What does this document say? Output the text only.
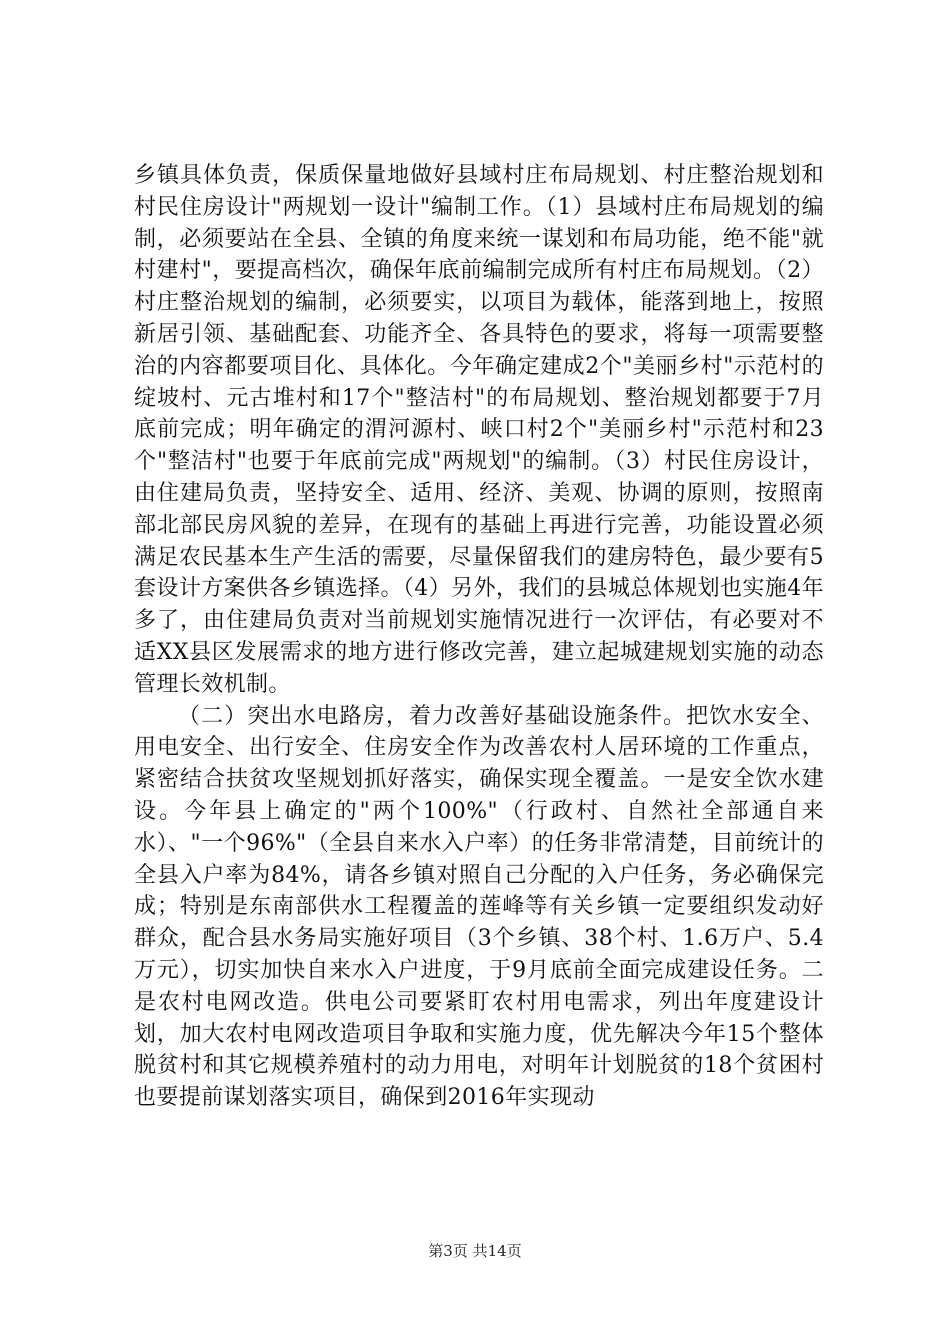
乡镇具体负责，保质保量地做好县域村庄布局规划、村庄整治规划和村民住房设计"两规划一设计"编制工作。（1）县域村庄布局规划的编制，必须要站在全县、全镇的角度来统一谋划和布局功能，绝不能"就村建村"，要提高档次，确保年底前编制完成所有村庄布局规划。（2）村庄整治规划的编制，必须要实，以项目为载体，能落到地上，按照新居引领、基础配套、功能齐全、各具特色的要求，将每一项需要整治的内容都要项目化、具体化。今年确定建成2个"美丽乡村"示范村的绽坡村、元古堆村和17个"整洁村"的布局规划、整治规划都要于7月底前完成；明年确定的渭河源村、峡口村2个"美丽乡村"示范村和23个"整洁村"也要于年底前完成"两规划"的编制。（3）村民住房设计，由住建局负责，坚持安全、适用、经济、美观、协调的原则，按照南部北部民房风貌的差异，在现有的基础上再进行完善，功能设置必须满足农民基本生产生活的需要，尽量保留我们的建房特色，最少要有5套设计方案供各乡镇选择。（4）另外，我们的县城总体规划也实施4年多了，由住建局负责对当前规划实施情况进行一次评估，有必要对不适XX县区发展需求的地方进行修改完善，建立起城建规划实施的动态管理长效机制。

（二）突出水电路房，着力改善好基础设施条件。把饮水安全、用电安全、出行安全、住房安全作为改善农村人居环境的工作重点，紧密结合扶贫攻坚规划抓好落实，确保实现全覆盖。一是安全饮水建设。今年县上确定的"两个100%"（行政村、自然社全部通自来水）、"一个96%"（全县自来水入户率）的任务非常清楚，目前统计的全县入户率为84%，请各乡镇对照自己分配的入户任务，务必确保完成；特别是东南部供水工程覆盖的莲峰等有关乡镇一定要组织发动好群众，配合县水务局实施好项目（3个乡镇、38个村、1.6万户、5.4万元），切实加快自来水入户进度，于9月底前全面完成建设任务。二是农村电网改造。供电公司要紧盯农村用电需求，列出年度建设计划，加大农村电网改造项目争取和实施力度，优先解决今年15个整体脱贫村和其它规模养殖村的动力用电，对明年计划脱贫的18个贫困村也要提前谋划落实项目，确保到2016年实现动

第3页 共14页
